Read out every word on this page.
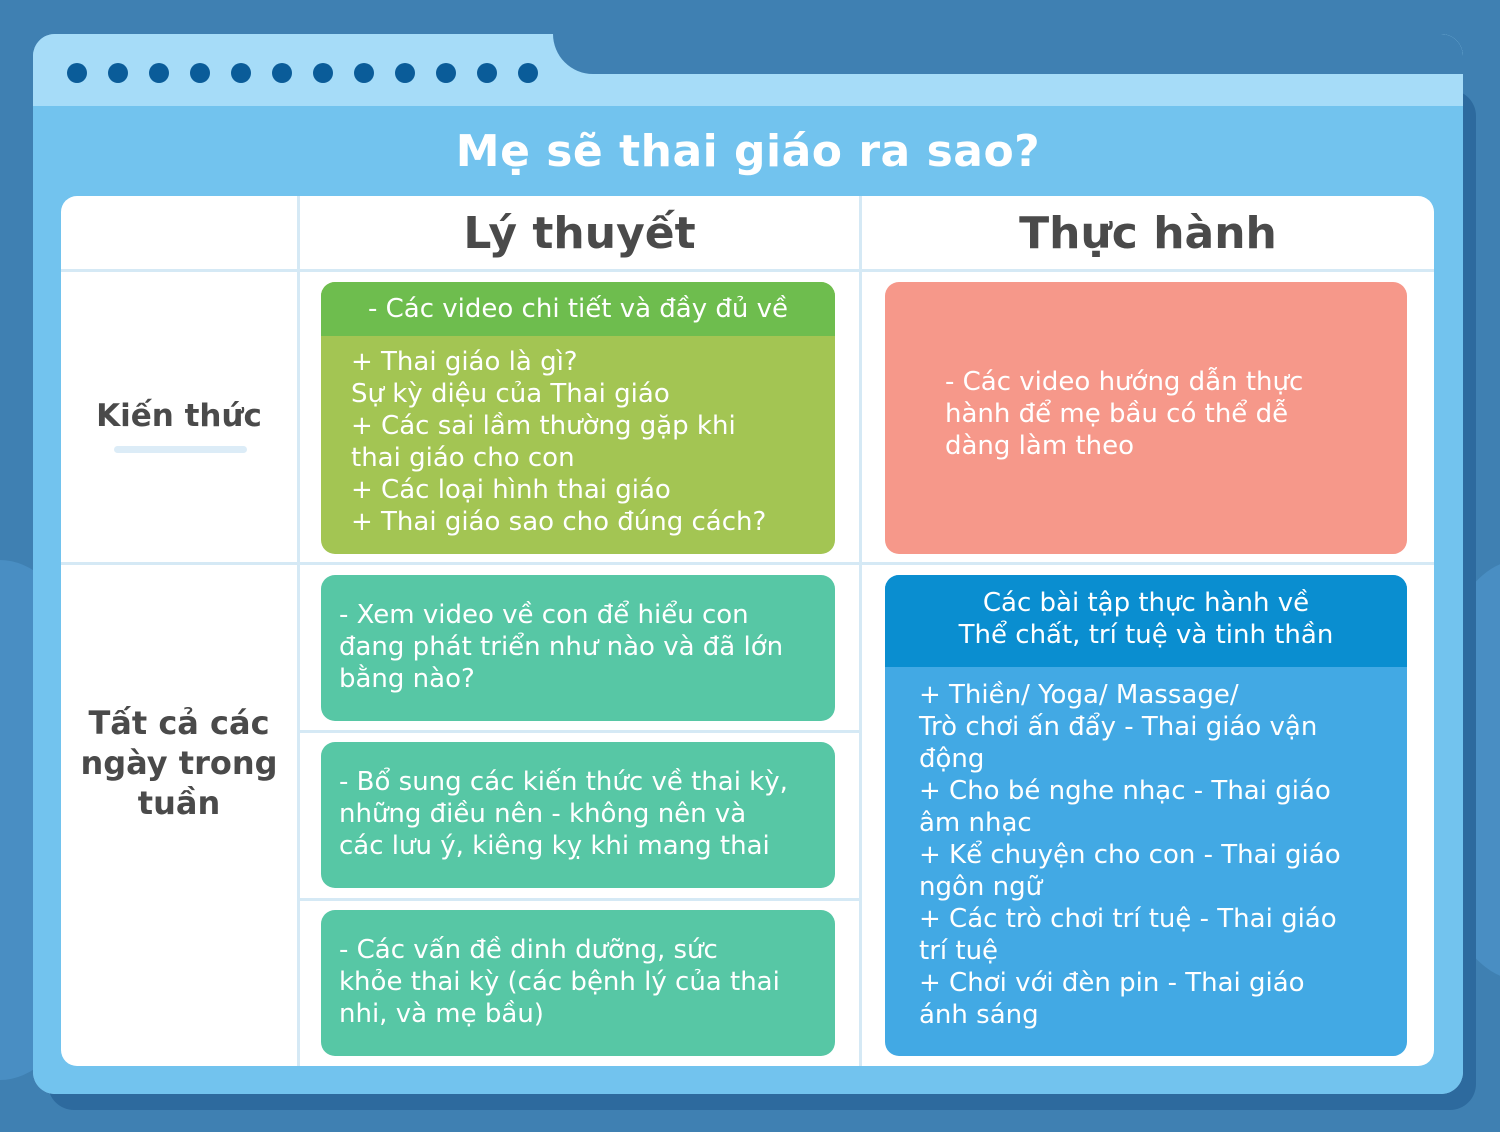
Mẹ sẽ thai giáo ra sao?
Lý thuyết	Thực hành
Kiến thức
Tất cả các
ngày trong
tuần
- Các video chi tiết và đầy đủ về
+ Thai giáo là gì?
Sự kỳ diệu của Thai giáo
+ Các sai lầm thường gặp khi
thai giáo cho con
+ Các loại hình thai giáo
+ Thai giáo sao cho đúng cách?
- Các video hướng dẫn thực
hành để mẹ bầu có thể dễ
dàng làm theo
- Xem video về con để hiểu con
đang phát triển như nào và đã lớn
bằng nào?
- Bổ sung các kiến thức về thai kỳ,
những điều nên - không nên và
các lưu ý, kiêng kỵ khi mang thai
- Các vấn đề dinh dưỡng, sức
khỏe thai kỳ (các bệnh lý của thai
nhi, và mẹ bầu)
Các bài tập thực hành về
Thể chất, trí tuệ và tinh thần
+ Thiền/ Yoga/ Massage/
Trò chơi ấn đẩy - Thai giáo vận
động
+ Cho bé nghe nhạc - Thai giáo
âm nhạc
+ Kể chuyện cho con - Thai giáo
ngôn ngữ
+ Các trò chơi trí tuệ - Thai giáo
trí tuệ
+ Chơi với đèn pin - Thai giáo
ánh sáng
